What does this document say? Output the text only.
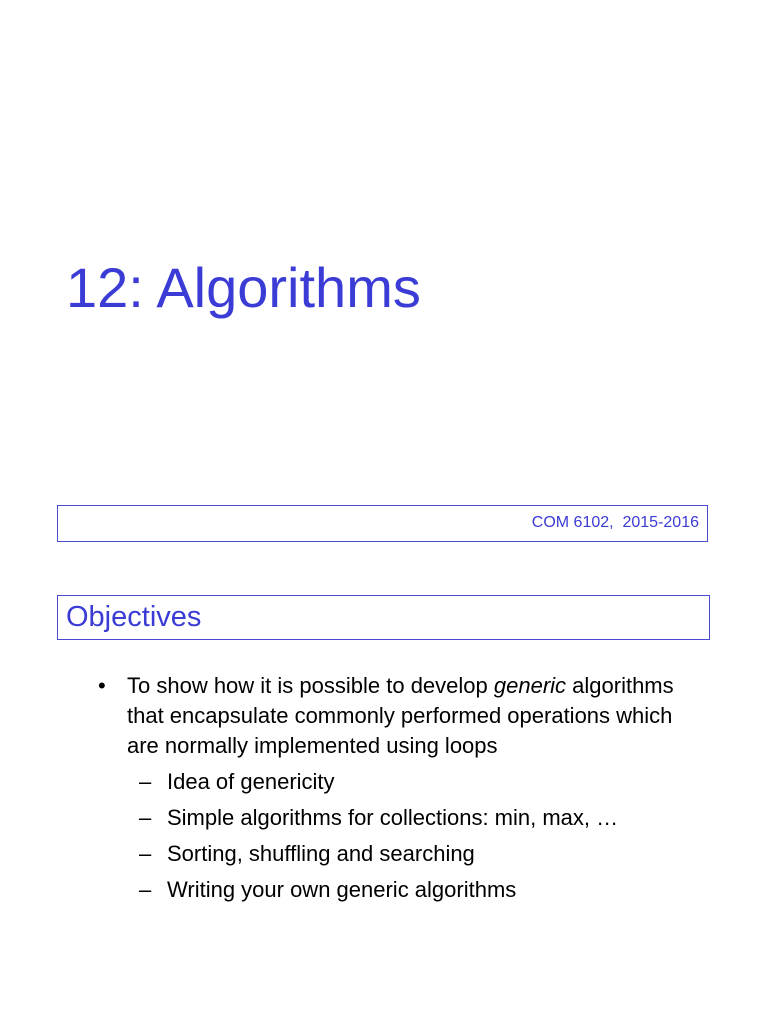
12: Algorithms
COM 6102,  2015-2016
Objectives
• To show how it is possible to develop generic algorithms that encapsulate commonly performed operations which are normally implemented using loops
– Idea of genericity
– Simple algorithms for collections: min, max, …
– Sorting, shuffling and searching
– Writing your own generic algorithms
